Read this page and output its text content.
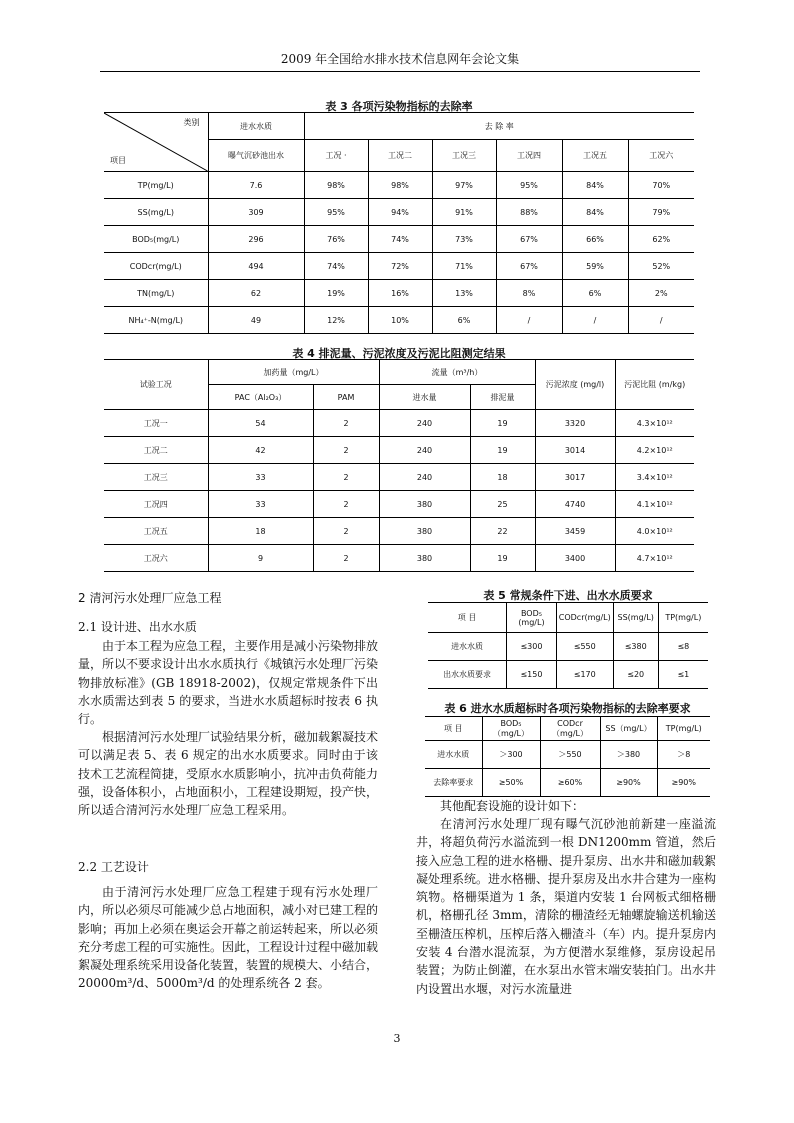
2009 年全国给水排水技术信息网年会论文集
表 3 各项污染物指标的去除率
类别
项目	进水水质	去 除 率					
	曝气沉砂池出水	工况 ·	工况二	工况三	工况四	工况五	工况六
TP(mg/L)	7.6	98%	98%	97%	95%	84%	70%
SS(mg/L)	309	95%	94%	91%	88%	84%	79%
BOD₅(mg/L)	296	76%	74%	73%	67%	66%	62%
CODcr(mg/L)	494	74%	72%	71%	67%	59%	52%
TN(mg/L)	62	19%	16%	13%	8%	6%	2%
NH₄⁺-N(mg/L)	49	12%	10%	6%	/	/	/
表 4 排泥量、污泥浓度及污泥比阻测定结果
试验工况	加药量（mg/L）		流量（m³/h）		污泥浓度 (mg/l)	污泥比阻 (m/kg)
	PAC（Al₂O₃）	PAM	进水量	排泥量		
工况一	54	2	240	19	3320	4.3×10¹²
工况二	42	2	240	19	3014	4.2×10¹²
工况三	33	2	240	18	3017	3.4×10¹²
工况四	33	2	380	25	4740	4.1×10¹²
工况五	18	2	380	22	3459	4.0×10¹²
工况六	9	2	380	19	3400	4.7×10¹²
2 清河污水处理厂应急工程
2.1 设计进、出水水质

由于本工程为应急工程，主要作用是减小污染物排放量，所以不要求设计出水水质执行《城镇污水处理厂污染物排放标准》(GB 18918-2002)，仅规定常规条件下出水水质需达到表 5 的要求，当进水水质超标时按表 6 执行。

根据清河污水处理厂试验结果分析，磁加载絮凝技术可以满足表 5、表 6 规定的出水水质要求。同时由于该技术工艺流程简捷，受原水水质影响小，抗冲击负荷能力强，设备体积小，占地面积小，工程建设期短，投产快，所以适合清河污水处理厂应急工程采用。

2.2 工艺设计

由于清河污水处理厂应急工程建于现有污水处理厂内，所以必须尽可能减少总占地面积，减小对已建工程的影响；再加上必须在奥运会开幕之前运转起来，所以必须充分考虑工程的可实施性。因此，工程设计过程中磁加载絮凝处理系统采用设备化装置，装置的规模大、小结合，20000m³/d、5000m³/d 的处理系统各 2 套。

表 5 常规条件下进、出水水质要求
项 目	BOD₅ (mg/L)	CODcr(mg/L)	SS(mg/L)	TP(mg/L)
进水水质	≤300	≤550	≤380	≤8
出水水质要求	≤150	≤170	≤20	≤1
表 6 进水水质超标时各项污染物指标的去除率要求
项 目	BOD₅（mg/L）	CODcr（mg/L）	SS（mg/L）	TP(mg/L)
进水水质	＞300	＞550	＞380	＞8
去除率要求	≥50%	≥60%	≥90%	≥90%

其他配套设施的设计如下：

在清河污水处理厂现有曝气沉砂池前新建一座溢流井，将超负荷污水溢流到一根 DN1200mm 管道，然后接入应急工程的进水格栅、提升泵房、出水井和磁加载絮凝处理系统。进水格栅、提升泵房及出水井合建为一座构筑物。格栅渠道为 1 条，渠道内安装 1 台网板式细格栅机，格栅孔径 3mm，清除的栅渣经无轴螺旋输送机输送至栅渣压榨机，压榨后落入栅渣斗（车）内。提升泵房内安装 4 台潜水混流泵，为方便潜水泵维修，泵房设起吊装置；为防止倒灌，在水泵出水管末端安装拍门。出水井内设置出水堰，对污水流量进

3
